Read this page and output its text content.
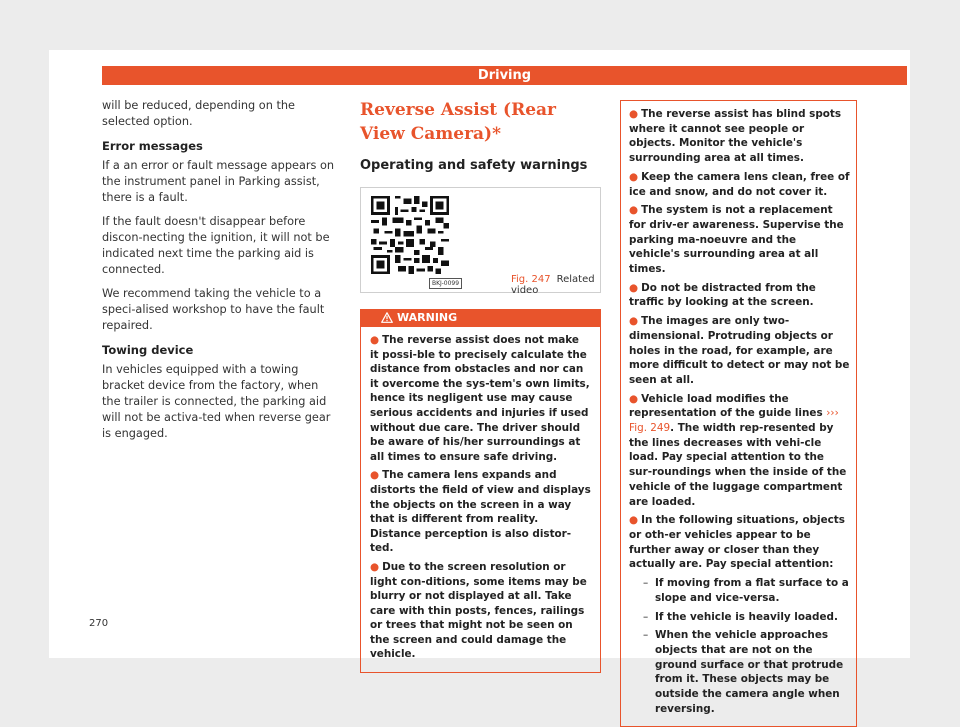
Driving

will be reduced, depending on the selected option.

Error messages

If a an error or fault message appears on the instrument panel in Parking assist, there is a fault.

If the fault doesn't disappear before discon-necting the ignition, it will not be indicated next time the parking aid is connected.

We recommend taking the vehicle to a speci-alised workshop to have the fault repaired.

Towing device

In vehicles equipped with a towing bracket device from the factory, when the trailer is connected, the parking aid will not be activa-ted when reverse gear is engaged.

Reverse Assist (Rear View Camera)*
Operating and safety warnings
BKJ-0099	Fig. 247 Related video
WARNING

● The reverse assist does not make it possi-ble to precisely calculate the distance from obstacles and nor can it overcome the sys-tem's own limits, hence its negligent use may cause serious accidents and injuries if used without due care. The driver should be aware of his/her surroundings at all times to ensure safe driving.

● The camera lens expands and distorts the field of view and displays the objects on the screen in a way that is different from reality. Distance perception is also distor-ted.

● Due to the screen resolution or light con-ditions, some items may be blurry or not displayed at all. Take care with thin posts, fences, railings or trees that might not be seen on the screen and could damage the vehicle.

● The reverse assist has blind spots where it cannot see people or objects. Monitor the vehicle's surrounding area at all times.

● Keep the camera lens clean, free of ice and snow, and do not cover it.

● The system is not a replacement for driv-er awareness. Supervise the parking ma-noeuvre and the vehicle's surrounding area at all times.

● Do not be distracted from the traffic by looking at the screen.

● The images are only two-dimensional. Protruding objects or holes in the road, for example, are more difficult to detect or may not be seen at all.

● Vehicle load modifies the representation of the guide lines ››› Fig. 249. The width rep-resented by the lines decreases with vehi-cle load. Pay special attention to the sur-roundings when the inside of the vehicle of the luggage compartment are loaded.

● In the following situations, objects or oth-er vehicles appear to be further away or closer than they actually are. Pay special attention:

– If moving from a flat surface to a slope and vice-versa.
– If the vehicle is heavily loaded.
– When the vehicle approaches objects that are not on the ground surface or that protrude from it. These objects may be outside the camera angle when reversing.
270
